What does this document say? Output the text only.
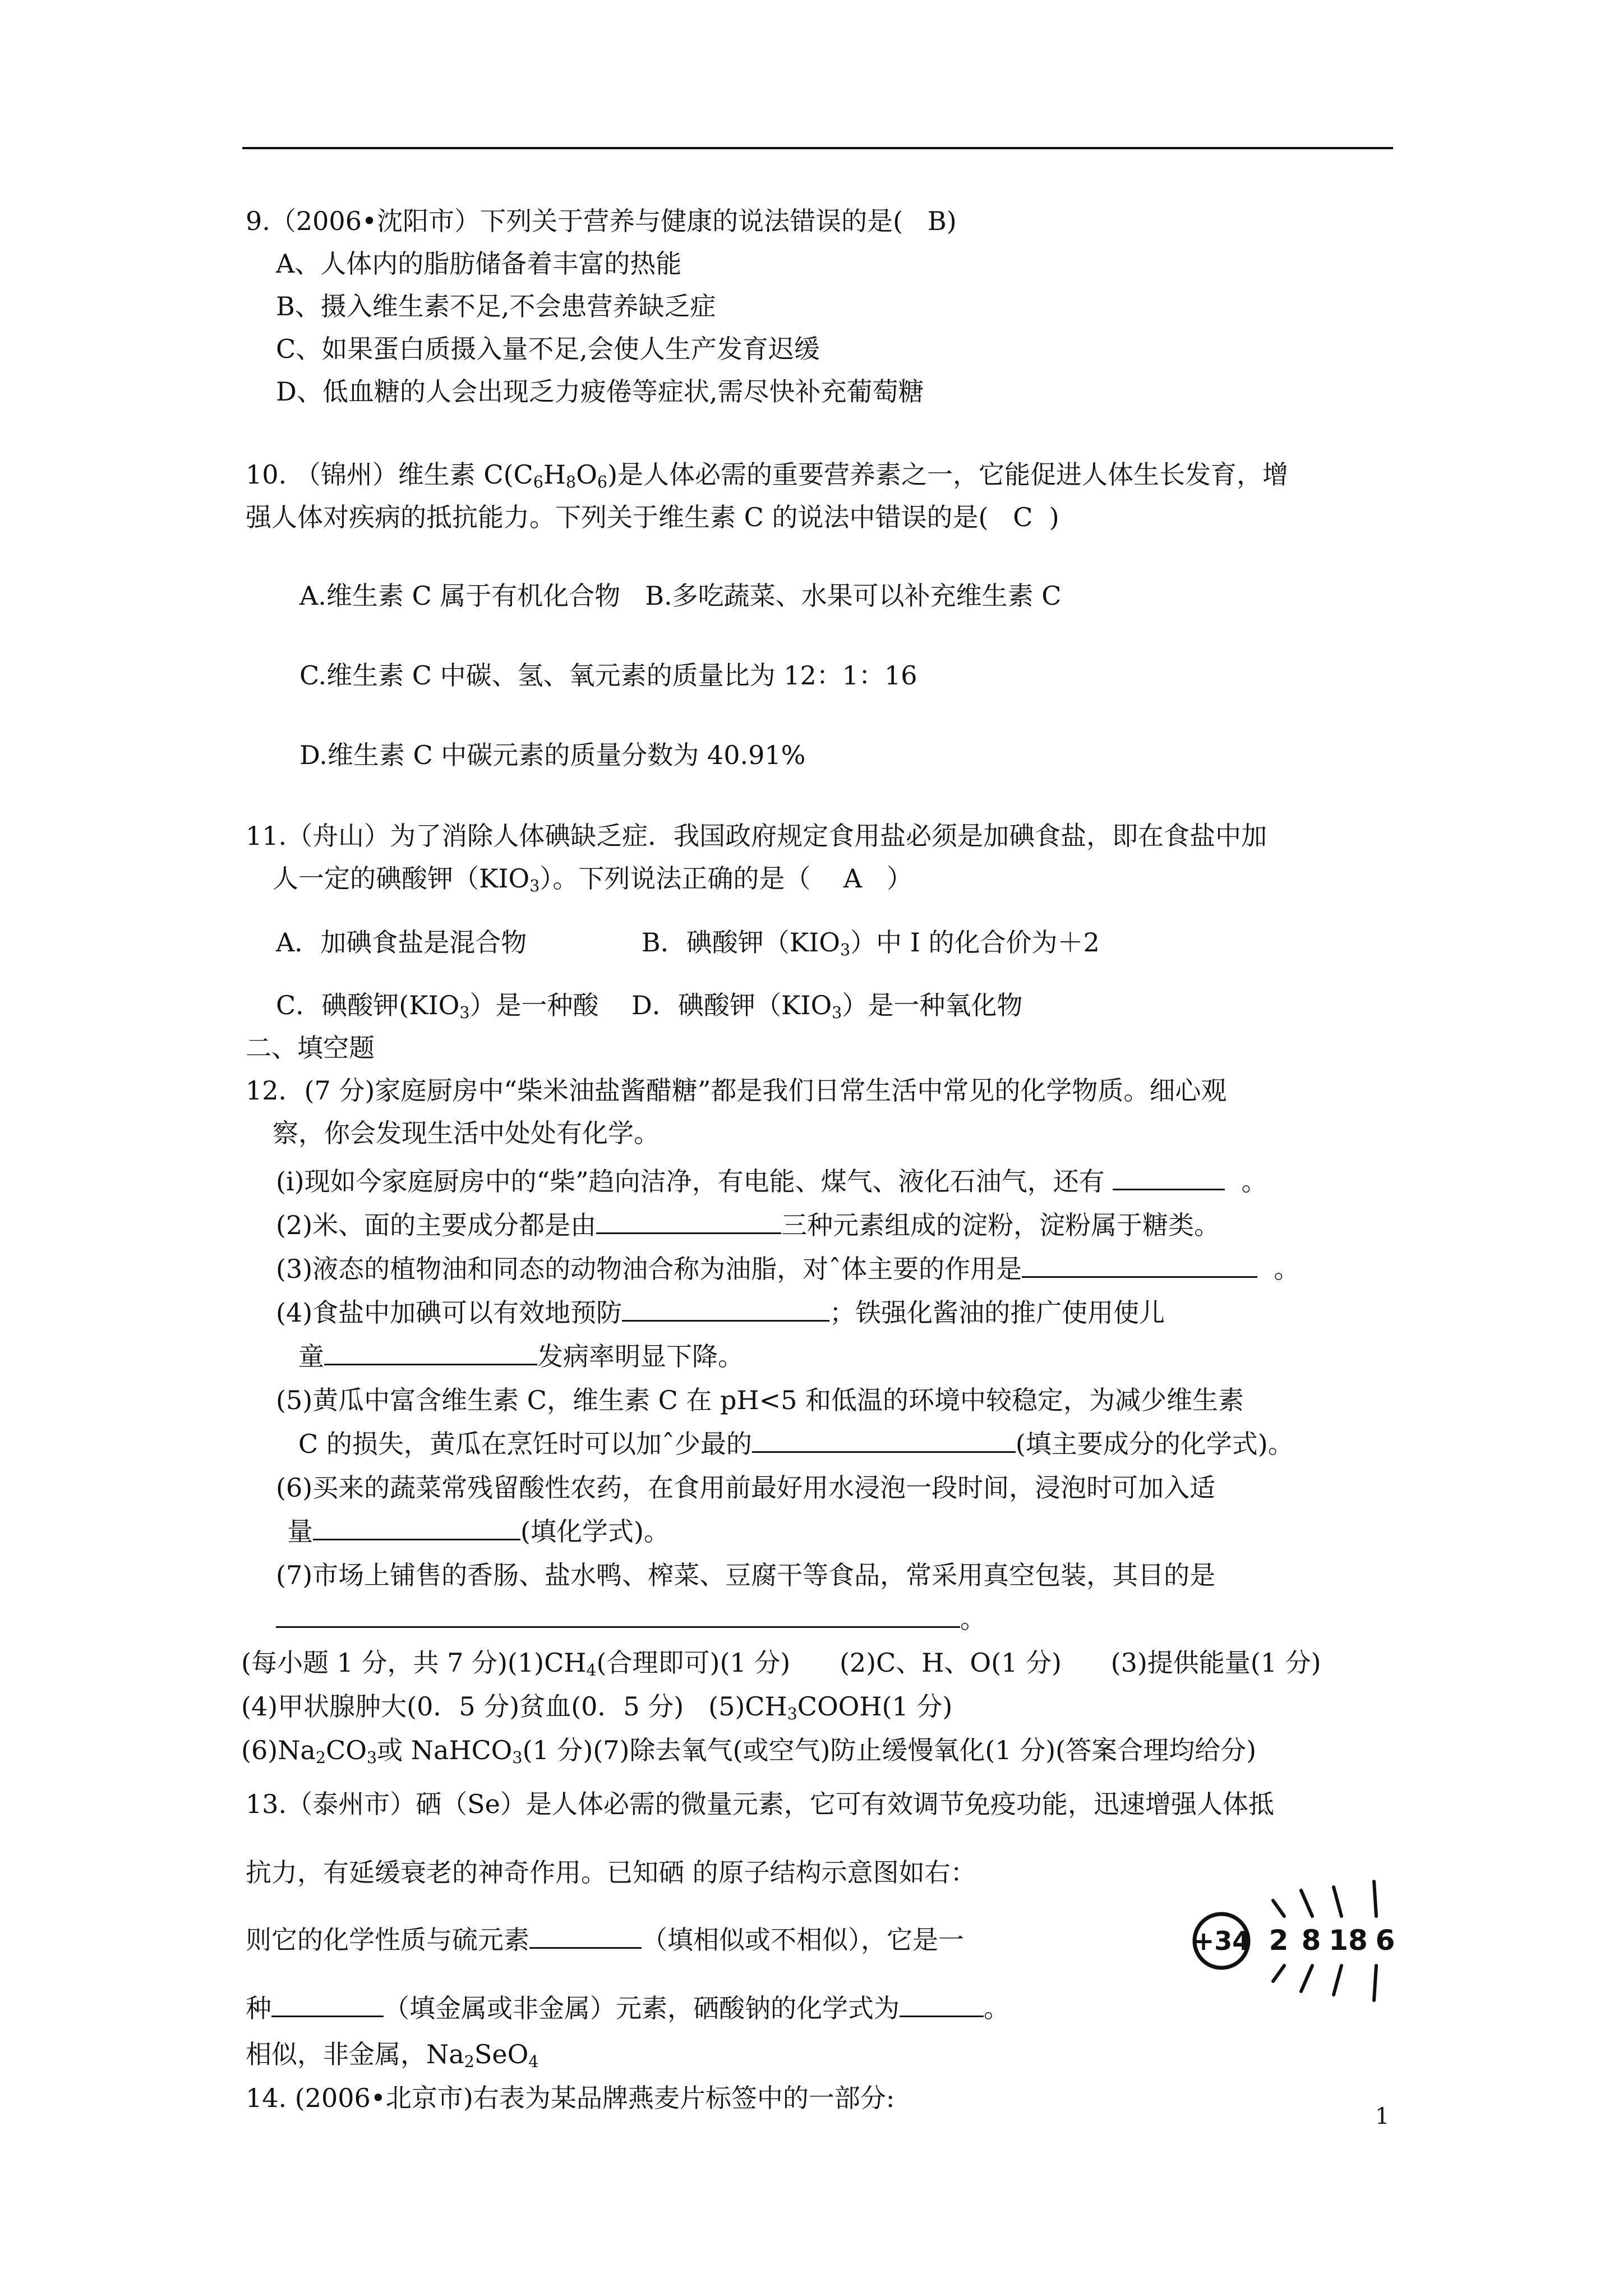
9.（2006•沈阳市）下列关于营养与健康的说法错误的是(   B)
A、人体内的脂肪储备着丰富的热能
B、摄入维生素不足,不会患营养缺乏症
C、如果蛋白质摄入量不足,会使人生产发育迟缓
D、低血糖的人会出现乏力疲倦等症状,需尽快补充葡萄糖
10. （锦州）维生素 $C(C_6H_8O_6)$是人体必需的重要营养素之一，它能促进人体生长发育，增
强人体对疾病的抵抗能力。下列关于维生素 C 的说法中错误的是(   C  )
A.维生素 C 属于有机化合物   B.多吃蔬菜、水果可以补充维生素 C
C.维生素 C 中碳、氢、氧元素的质量比为 12：1：16
D.维生素 C 中碳元素的质量分数为 40.91%
11.（舟山）为了消除人体碘缺乏症．我国政府规定食用盐必须是加碘食盐，即在食盐中加
人一定的碘酸钾$(KIO_3)$。下列说法正确的是（    A   ）
A．加碘食盐是混合物              B．碘酸钾$(KIO_3)$中 I 的化合价为＋2
C．碘酸钾$(KIO_3)$是一种酸    D．碘酸钾$(KIO_3)$是一种氧化物
二、填空题
12．(7 分)家庭厨房中“柴米油盐酱醋糖”都是我们日常生活中常见的化学物质。细心观
察，你会发现生活中处处有化学。
(i)现如今家庭厨房中的“柴”趋向洁净，有电能、煤气、液化石油气，还有	。
(2)米、面的主要成分都是由	三种元素组成的淀粉，淀粉属于糖类。
(3)液态的植物油和同态的动物油合称为油脂，对ˆ体主要的作用是	。
(4)食盐中加碘可以有效地预防	；铁强化酱油的推广使用使儿
童	发病率明显下降。
(5)黄瓜中富含维生素 C，维生素 C 在 pH<5 和低温的环境中较稳定，为减少维生素
C 的损失，黄瓜在烹饪时可以加ˆ少最的	(填主要成分的化学式)。
(6)买来的蔬菜常残留酸性农药，在食用前最好用水浸泡一段时间，浸泡时可加入适
量	(填化学式)。
(7)市场上铺售的香肠、盐水鸭、榨菜、豆腐干等食品，常采用真空包装，其目的是
。
(每小题 1 分，共 7 分)$(1)CH_4$(合理即可)(1 分)      (2)C、H、O(1 分)      (3)提供能量(1 分)
(4)甲状腺肿大(0．5 分)贫血(0．5 分)   $(5)CH_3COOH(1$ 分)
$(6)Na_2CO_3$或 NaHCO$_3$(1 分)(7)除去氧气(或空气)防止缓慢氧化(1 分)(答案合理均给分)
13.（泰州市）硒（Se）是人体必需的微量元素，它可有效调节免疫功能，迅速增强人体抵
抗力，有延缓衰老的神奇作用。已知硒 的原子结构示意图如右：
则它的化学性质与硫元素	（填相似或不相似），它是一
种	（填金属或非金属）元素，硒酸钠的化学式为	。
相似，非金属，$Na_2SeO_4$
+34 2 8 18 6
14. (2006•北京市)右表为某品牌燕麦片标签中的一部分:
1
